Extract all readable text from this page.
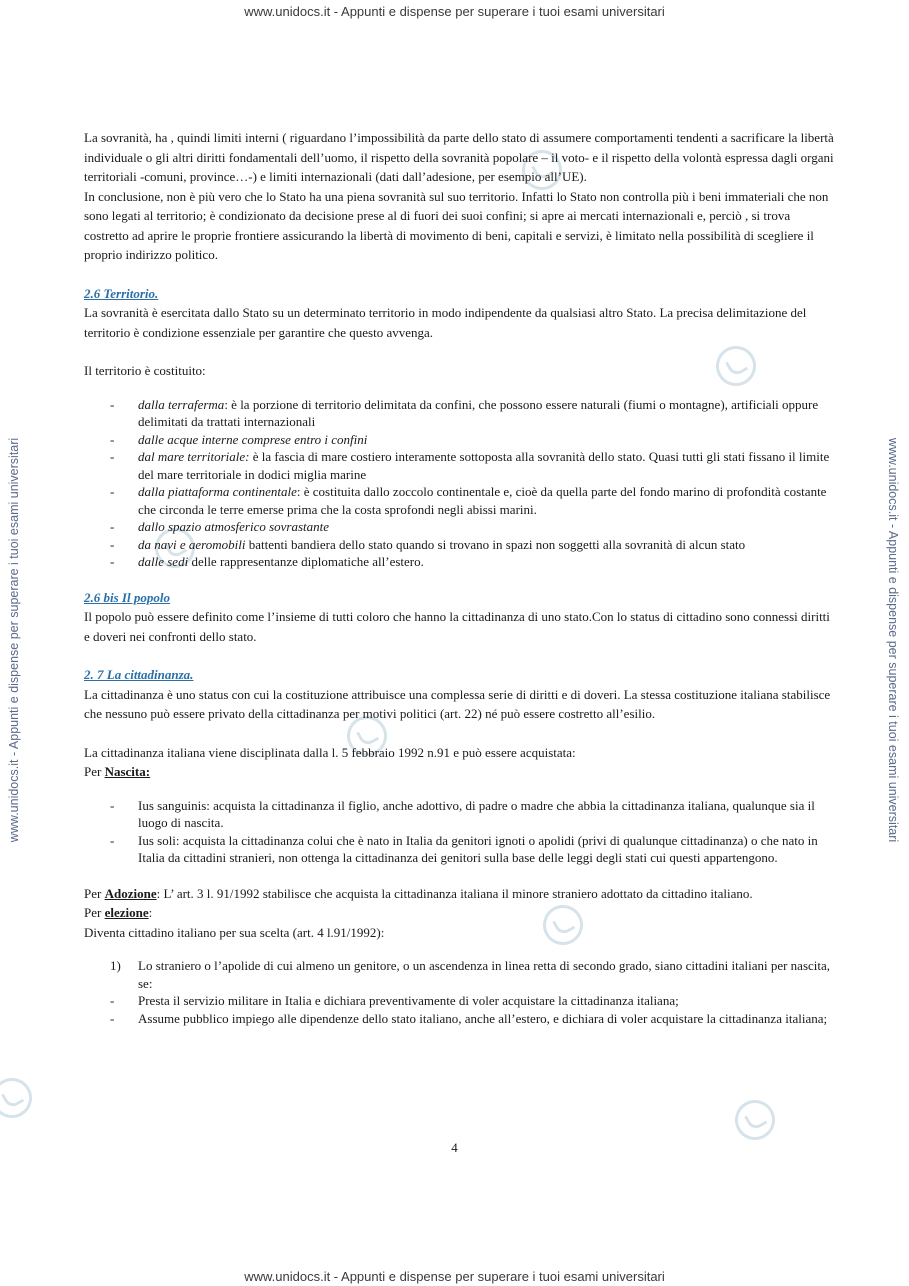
www.unidocs.it - Appunti e dispense per superare i tuoi esami universitari
www.unidocs.it - Appunti e dispense per superare i tuoi esami universitari
www.unidocs.it - Appunti e dispense per superare i tuoi esami universitari	www.unidocs.it - Appunti e dispense per superare i tuoi esami universitari

La sovranità, ha , quindi limiti interni ( riguardano l’impossibilità da parte dello stato di assumere comportamenti tendenti a sacrificare la libertà individuale o gli altri diritti fondamentali dell’uomo, il rispetto della sovranità popolare – il voto- e il rispetto della volontà espressa dagli organi territoriali -comuni, province…-) e limiti internazionali (dati dall’adesione, per esempio all’UE).

In conclusione, non è più vero che lo Stato ha una piena sovranità sul suo territorio. Infatti lo Stato non controlla più i beni immateriali che non sono legati al territorio; è condizionato da decisione prese al di fuori dei suoi confini; si apre ai mercati internazionali e, perciò , si trova costretto ad aprire le proprie frontiere assicurando la libertà di movimento di beni, capitali e servizi, è limitato nella possibilità di scegliere il proprio indirizzo politico.

2.6 Territorio.

La sovranità è esercitata dallo Stato su un determinato territorio in modo indipendente da qualsiasi altro Stato. La precisa delimitazione del territorio è condizione essenziale per garantire che questo avvenga.

Il territorio è costituito:

- dalla terraferma: è la porzione di territorio delimitata da confini, che possono essere naturali (fiumi o montagne), artificiali oppure delimitati da trattati internazionali
- dalle acque interne comprese entro i confini
- dal mare territoriale: è la fascia di mare costiero interamente sottoposta alla sovranità dello stato. Quasi tutti gli stati fissano il limite del mare territoriale in dodici miglia marine
- dalla piattaforma continentale: è costituita dallo zoccolo continentale e, cioè da quella parte del fondo marino di profondità costante che circonda le terre emerse prima che la costa sprofondi negli abissi marini.
- dallo spazio atmosferico sovrastante
- da navi e aeromobili battenti bandiera dello stato quando si trovano in spazi non soggetti alla sovranità di alcun stato
- dalle sedi delle rappresentanze diplomatiche all’estero.

2.6 bis Il popolo

Il popolo può essere definito come l’insieme di tutti coloro che hanno la cittadinanza di uno stato.Con lo status di cittadino sono connessi diritti e doveri nei confronti dello stato.

2. 7 La cittadinanza.

La cittadinanza è uno status con cui la costituzione attribuisce una complessa serie di diritti e di doveri. La stessa costituzione italiana stabilisce che nessuno può essere privato della cittadinanza per motivi politici (art. 22) né può essere costretto all’esilio.

La cittadinanza italiana viene disciplinata dalla l. 5 febbraio 1992 n.91 e può essere acquistata:

Per Nascita:

- Ius sanguinis: acquista la cittadinanza il figlio, anche adottivo, di padre o madre che abbia la cittadinanza italiana, qualunque sia il luogo di nascita.
- Ius soli: acquista la cittadinanza colui che è nato in Italia da genitori ignoti o apolidi (privi di qualunque cittadinanza) o che nato in Italia da cittadini stranieri, non ottenga la cittadinanza dei genitori sulla base delle leggi degli stati cui questi appartengono.

Per Adozione: L’ art. 3 l. 91/1992 stabilisce che acquista la cittadinanza italiana il minore straniero adottato da cittadino italiano.

Per elezione:

Diventa cittadino italiano per sua scelta (art. 4 l.91/1992):

1) Lo straniero o l’apolide di cui almeno un genitore, o un ascendenza in linea retta di secondo grado, siano cittadini italiani per nascita, se:
- Presta il servizio militare in Italia e dichiara preventivamente di voler acquistare la cittadinanza italiana;
- Assume pubblico impiego alle dipendenze dello stato italiano, anche all’estero, e dichiara di voler acquistare la cittadinanza italiana;
4
